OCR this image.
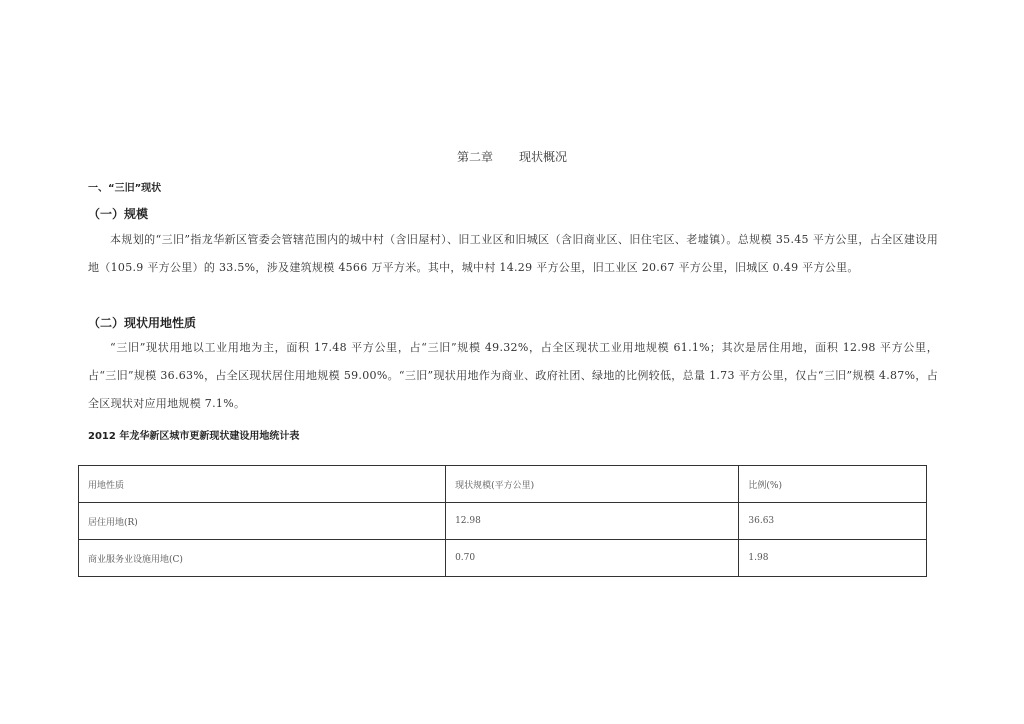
第二章 现状概况
一、“三旧”现状
（一）规模
本规划的“三旧”指龙华新区管委会管辖范围内的城中村（含旧屋村）、旧工业区和旧城区（含旧商业区、旧住宅区、老墟镇）。总规模 35.45 平方公里，占全区建设用地（105.9 平方公里）的 33.5%，涉及建筑规模 4566 万平方米。其中，城中村 14.29 平方公里，旧工业区 20.67 平方公里，旧城区 0.49 平方公里。
（二）现状用地性质
“三旧”现状用地以工业用地为主，面积 17.48 平方公里，占“三旧”规模 49.32%，占全区现状工业用地规模 61.1%；其次是居住用地，面积 12.98 平方公里，占“三旧”规模 36.63%，占全区现状居住用地规模 59.00%。“三旧”现状用地作为商业、政府社团、绿地的比例较低，总量 1.73 平方公里，仅占“三旧”规模 4.87%，占全区现状对应用地规模 7.1%。
2012 年龙华新区城市更新现状建设用地统计表
用地性质	现状规模(平方公里)	比例(%)
居住用地(R)	12.98	36.63
商业服务业设施用地(C)	0.70	1.98
